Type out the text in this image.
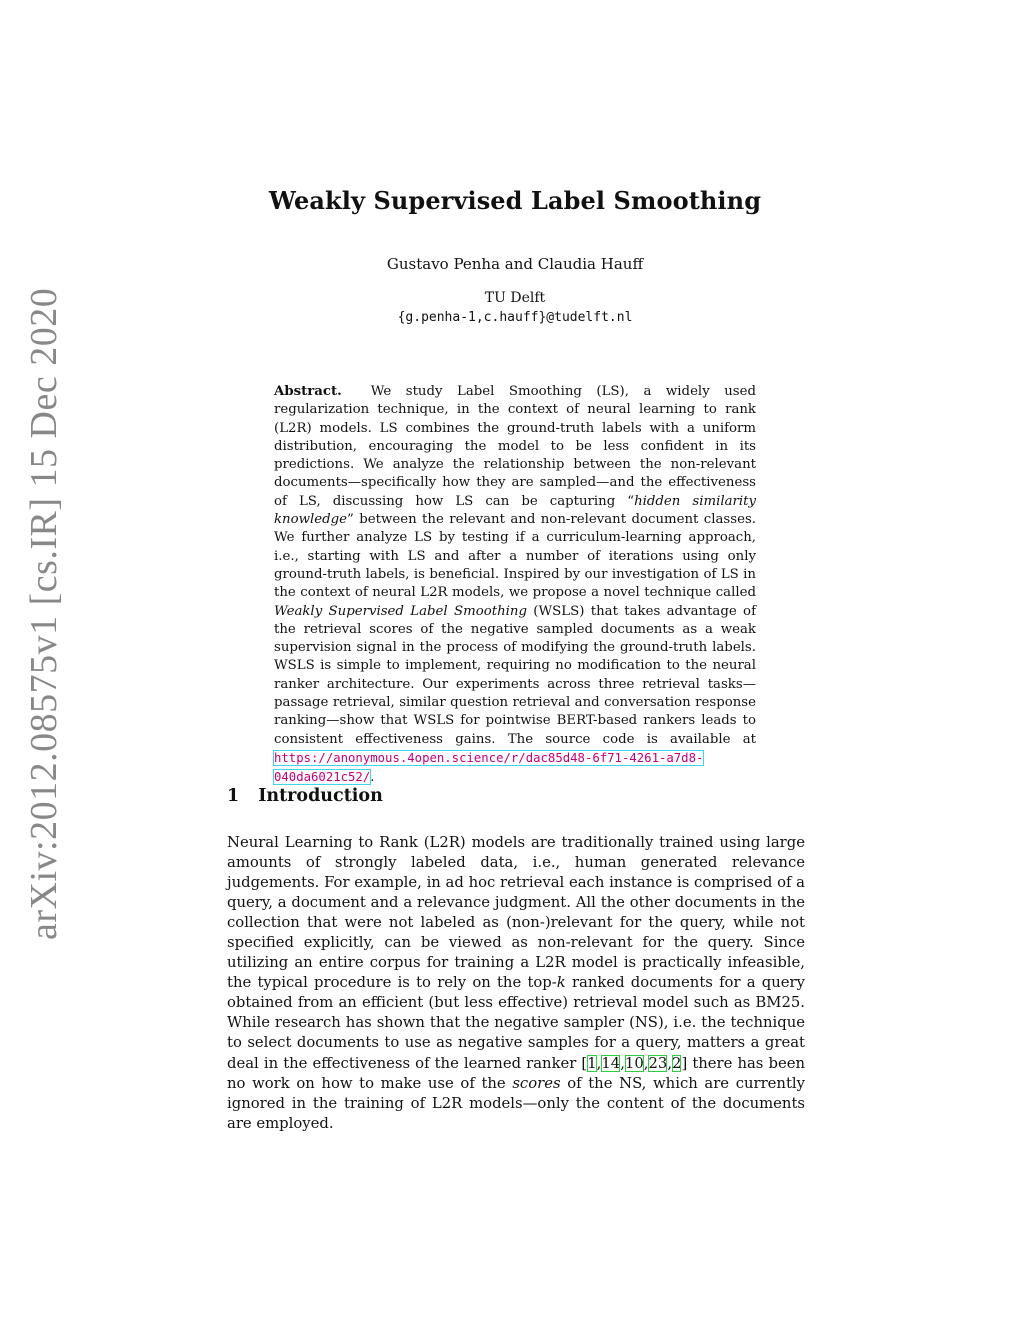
arXiv:2012.08575v1 [cs.IR] 15 Dec 2020
Weakly Supervised Label Smoothing
Gustavo Penha and Claudia Hauff
TU Delft
{g.penha-1,c.hauff}@tudelft.nl

Abstract. We study Label Smoothing (LS), a widely used regularization technique, in the context of neural learning to rank (L2R) models. LS combines the ground-truth labels with a uniform distribution, encouraging the model to be less confident in its predictions. We analyze the relationship between the non-relevant documents—specifically how they are sampled—and the effectiveness of LS, discussing how LS can be capturing “hidden similarity knowledge” between the relevant and non-relevant document classes. We further analyze LS by testing if a curriculum-learning approach, i.e., starting with LS and after a number of iterations using only ground-truth labels, is beneficial. Inspired by our investigation of LS in the context of neural L2R models, we propose a novel technique called Weakly Supervised Label Smoothing (WSLS) that takes advantage of the retrieval scores of the negative sampled documents as a weak supervision signal in the process of modifying the ground-truth labels. WSLS is simple to implement, requiring no modification to the neural ranker architecture. Our experiments across three retrieval tasks—passage retrieval, similar question retrieval and conversation response ranking—show that WSLS for pointwise BERT-based rankers leads to consistent effectiveness gains. The source code is available at https://anonymous.4open.science/r/dac85d48-6f71-4261-a7d8-040da6021c52/.

1 Introduction

Neural Learning to Rank (L2R) models are traditionally trained using large amounts of strongly labeled data, i.e., human generated relevance judgements. For example, in ad hoc retrieval each instance is comprised of a query, a document and a relevance judgment. All the other documents in the collection that were not labeled as (non-)relevant for the query, while not specified explicitly, can be viewed as non-relevant for the query. Since utilizing an entire corpus for training a L2R model is practically infeasible, the typical procedure is to rely on the top-k ranked documents for a query obtained from an efficient (but less effective) retrieval model such as BM25. While research has shown that the negative sampler (NS), i.e. the technique to select documents to use as negative samples for a query, matters a great deal in the effectiveness of the learned ranker [1,14,10,23,2] there has been no work on how to make use of the scores of the NS, which are currently ignored in the training of L2R models—only the content of the documents are employed.
